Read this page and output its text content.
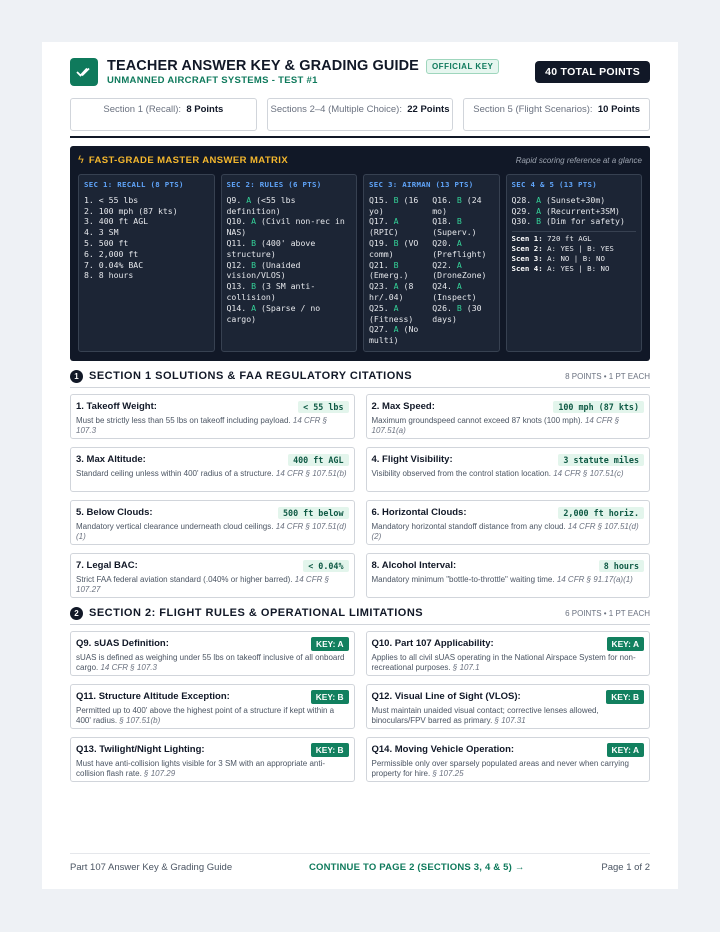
TEACHER ANSWER KEY & GRADING GUIDE	OFFICIAL KEY
UNMANNED AIRCRAFT SYSTEMS - TEST #1
40 TOTAL POINTS
Section 1 (Recall): 8 Points	Sections 2–4 (Multiple Choice): 22 Points	Section 5 (Flight Scenarios): 10 Points
ϟ FAST-GRADE MASTER ANSWER MATRIX	Rapid scoring reference at a glance
SEC 1: RECALL (8 PTS)
1. < 55 lbs
2. 100 mph (87 kts)
3. 400 ft AGL
4. 3 SM
5. 500 ft
6. 2,000 ft
7. 0.04% BAC
8. 8 hours
SEC 2: RULES (6 PTS)
Q9. A (<55 lbs definition)
Q10. A (Civil non-rec in NAS)
Q11. B (400' above structure)
Q12. B (Unaided vision/VLOS)
Q13. B (3 SM anti-collision)
Q14. A (Sparse / no cargo)
SEC 3: AIRMAN (13 PTS)
Q15. B (16 yo)
Q17. A (RPIC)
Q19. B (VO comm)
Q21. B (Emerg.)
Q23. A (8 hr/.04)
Q25. A (Fitness)
Q27. A (No multi)
Q16. B (24 mo)
Q18. B (Superv.)
Q20. A (Preflight)
Q22. A (DroneZone)
Q24. A (Inspect)
Q26. B (30 days)
SEC 4 & 5 (13 PTS)
Q28. A (Sunset+30m)
Q29. A (Recurrent+3SM)
Q30. B (Dim for safety)
Scen 1: 720 ft AGL
Scen 2: A: YES | B: YES
Scen 3: A: NO | B: NO
Scen 4: A: YES | B: NO
1 SECTION 1 SOLUTIONS & FAA REGULATORY CITATIONS	8 POINTS • 1 PT EACH
1. Takeoff Weight:	< 55 lbs
Must be strictly less than 55 lbs on takeoff including payload. 14 CFR § 107.3
2. Max Speed:	100 mph (87 kts)
Maximum groundspeed cannot exceed 87 knots (100 mph). 14 CFR § 107.51(a)
3. Max Altitude:	400 ft AGL
Standard ceiling unless within 400' radius of a structure. 14 CFR § 107.51(b)
4. Flight Visibility:	3 statute miles
Visibility observed from the control station location. 14 CFR § 107.51(c)
5. Below Clouds:	500 ft below
Mandatory vertical clearance underneath cloud ceilings. 14 CFR § 107.51(d)(1)
6. Horizontal Clouds:	2,000 ft horiz.
Mandatory horizontal standoff distance from any cloud. 14 CFR § 107.51(d)(2)
7. Legal BAC:	< 0.04%
Strict FAA federal aviation standard (.040% or higher barred). 14 CFR § 107.27
8. Alcohol Interval:	8 hours
Mandatory minimum "bottle-to-throttle" waiting time. 14 CFR § 91.17(a)(1)
2 SECTION 2: FLIGHT RULES & OPERATIONAL LIMITATIONS	6 POINTS • 1 PT EACH
Q9. sUAS Definition:	KEY: A
sUAS is defined as weighing under 55 lbs on takeoff inclusive of all onboard cargo. 14 CFR § 107.3
Q10. Part 107 Applicability:	KEY: A
Applies to all civil sUAS operating in the National Airspace System for non-recreational purposes. § 107.1
Q11. Structure Altitude Exception:	KEY: B
Permitted up to 400' above the highest point of a structure if kept within a 400' radius. § 107.51(b)
Q12. Visual Line of Sight (VLOS):	KEY: B
Must maintain unaided visual contact; corrective lenses allowed, binoculars/FPV barred as primary. § 107.31
Q13. Twilight/Night Lighting:	KEY: B
Must have anti-collision lights visible for 3 SM with an appropriate anti-collision flash rate. § 107.29
Q14. Moving Vehicle Operation:	KEY: A
Permissible only over sparsely populated areas and never when carrying property for hire. § 107.25
Part 107 Answer Key & Grading Guide	CONTINUE TO PAGE 2 (SECTIONS 3, 4 & 5) →	Page 1 of 2
